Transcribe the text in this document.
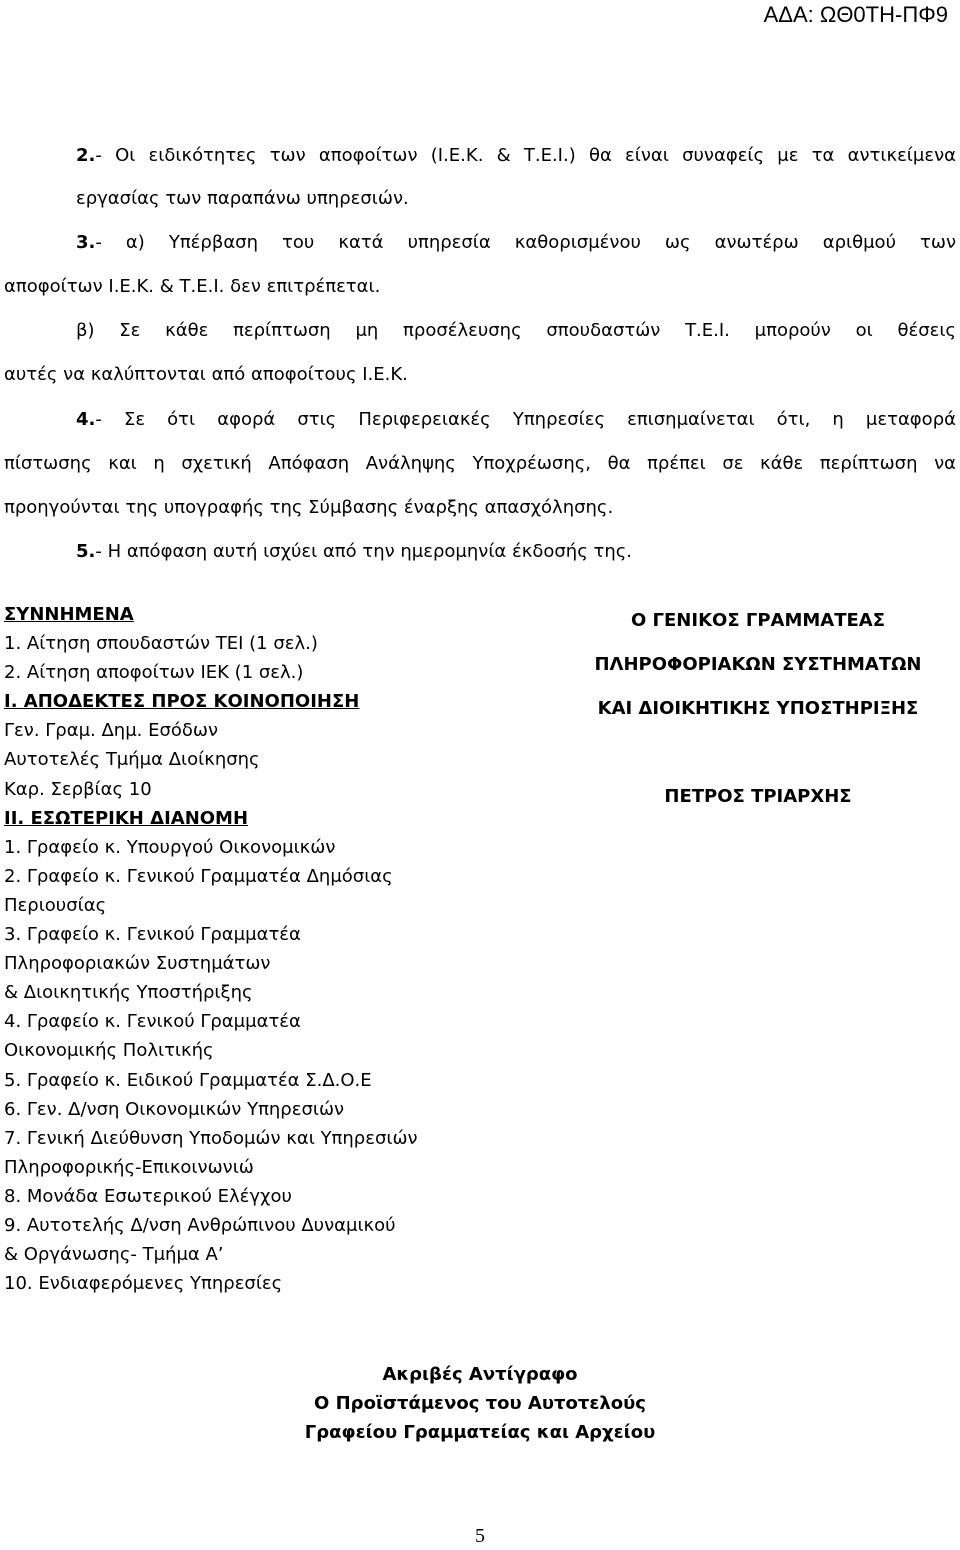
ΑΔΑ: ΩΘ0ΤΗ-ΠΦ9
2.- Οι ειδικότητες των αποφοίτων (Ι.Ε.Κ. & Τ.Ε.Ι.) θα είναι συναφείς με τα αντικείμενα
εργασίας των παραπάνω υπηρεσιών.
3.- α) Υπέρβαση του κατά υπηρεσία καθορισμένου ως ανωτέρω αριθμού των
αποφοίτων Ι.Ε.Κ. & Τ.Ε.Ι. δεν επιτρέπεται.
β) Σε κάθε περίπτωση μη προσέλευσης σπουδαστών Τ.Ε.Ι. μπορούν οι θέσεις
αυτές να καλύπτονται από αποφοίτους Ι.Ε.Κ.
4.- Σε ότι αφορά στις Περιφερειακές Υπηρεσίες επισημαίνεται ότι, η μεταφορά
πίστωσης και η σχετική Απόφαση Ανάληψης Υποχρέωσης, θα πρέπει σε κάθε περίπτωση να
προηγούνται της υπογραφής της Σύμβασης έναρξης απασχόλησης.
5.- Η απόφαση αυτή ισχύει από την ημερομηνία έκδοσής της.
ΣΥΝΝΗΜΕΝΑ
1. Αίτηση σπουδαστών ΤΕΙ (1 σελ.)
2. Αίτηση αποφοίτων ΙΕΚ (1 σελ.)
Ι. ΑΠΟΔΕΚΤΕΣ ΠΡΟΣ ΚΟΙΝΟΠΟΙΗΣΗ
Γεν. Γραμ. Δημ. Εσόδων
Αυτοτελές Τμήμα Διοίκησης
Καρ. Σερβίας 10
ΙΙ. ΕΣΩΤΕΡΙΚΗ ΔΙΑΝΟΜΗ
1. Γραφείο κ. Υπουργού Οικονομικών
2. Γραφείο κ. Γενικού Γραμματέα Δημόσιας
Περιουσίας
3. Γραφείο κ. Γενικού Γραμματέα
Πληροφοριακών Συστημάτων
& Διοικητικής Υποστήριξης
4. Γραφείο κ. Γενικού Γραμματέα
Οικονομικής Πολιτικής
5. Γραφείο κ. Ειδικού Γραμματέα Σ.Δ.Ο.Ε
6. Γεν. Δ/νση Οικονομικών Υπηρεσιών
7. Γενική Διεύθυνση Υποδομών και Υπηρεσιών
Πληροφορικής-Επικοινωνιώ
8. Μονάδα Εσωτερικού Ελέγχου
9. Αυτοτελής Δ/νση Ανθρώπινου Δυναμικού
& Οργάνωσης- Τμήμα Α’
10. Ενδιαφερόμενες Υπηρεσίες
Ο ΓΕΝΙΚΟΣ ΓΡΑΜΜΑΤΕΑΣ
ΠΛΗΡΟΦΟΡΙΑΚΩΝ ΣΥΣΤΗΜΑΤΩΝ
ΚΑΙ ΔΙΟΙΚΗΤΙΚΗΣ ΥΠΟΣΤΗΡΙΞΗΣ
ΠΕΤΡΟΣ ΤΡΙΑΡΧΗΣ
Ακριβές Αντίγραφο
Ο Προϊστάμενος του Αυτοτελούς
Γραφείου Γραμματείας και Αρχείου
5
